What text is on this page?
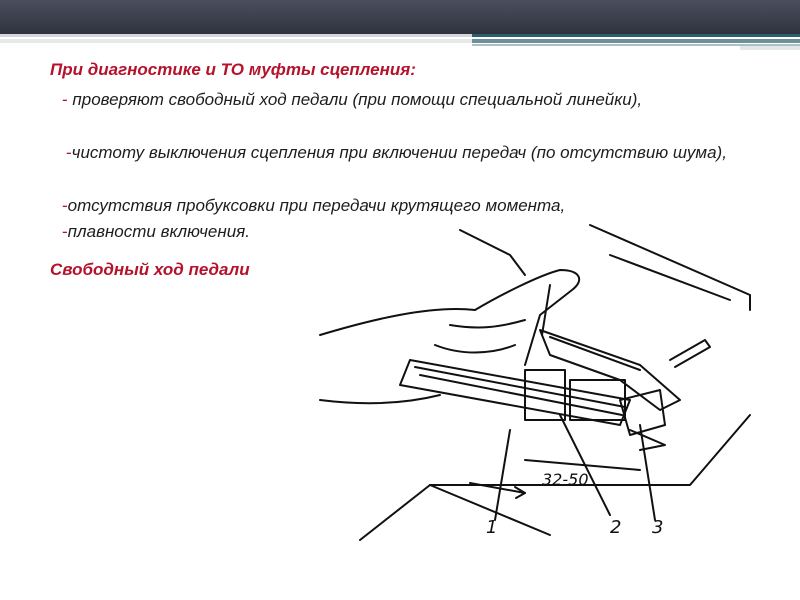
При диагностике и ТО муфты сцепления:
- проверяют свободный ход педали (при помощи специальной линейки),
-чистоту выключения сцепления при включении передач (по отсутствию шума),
-отсутствия пробуксовки при передачи крутящего момента,
-плавности включения.
Свободный ход педали
32-50
1	2 3
